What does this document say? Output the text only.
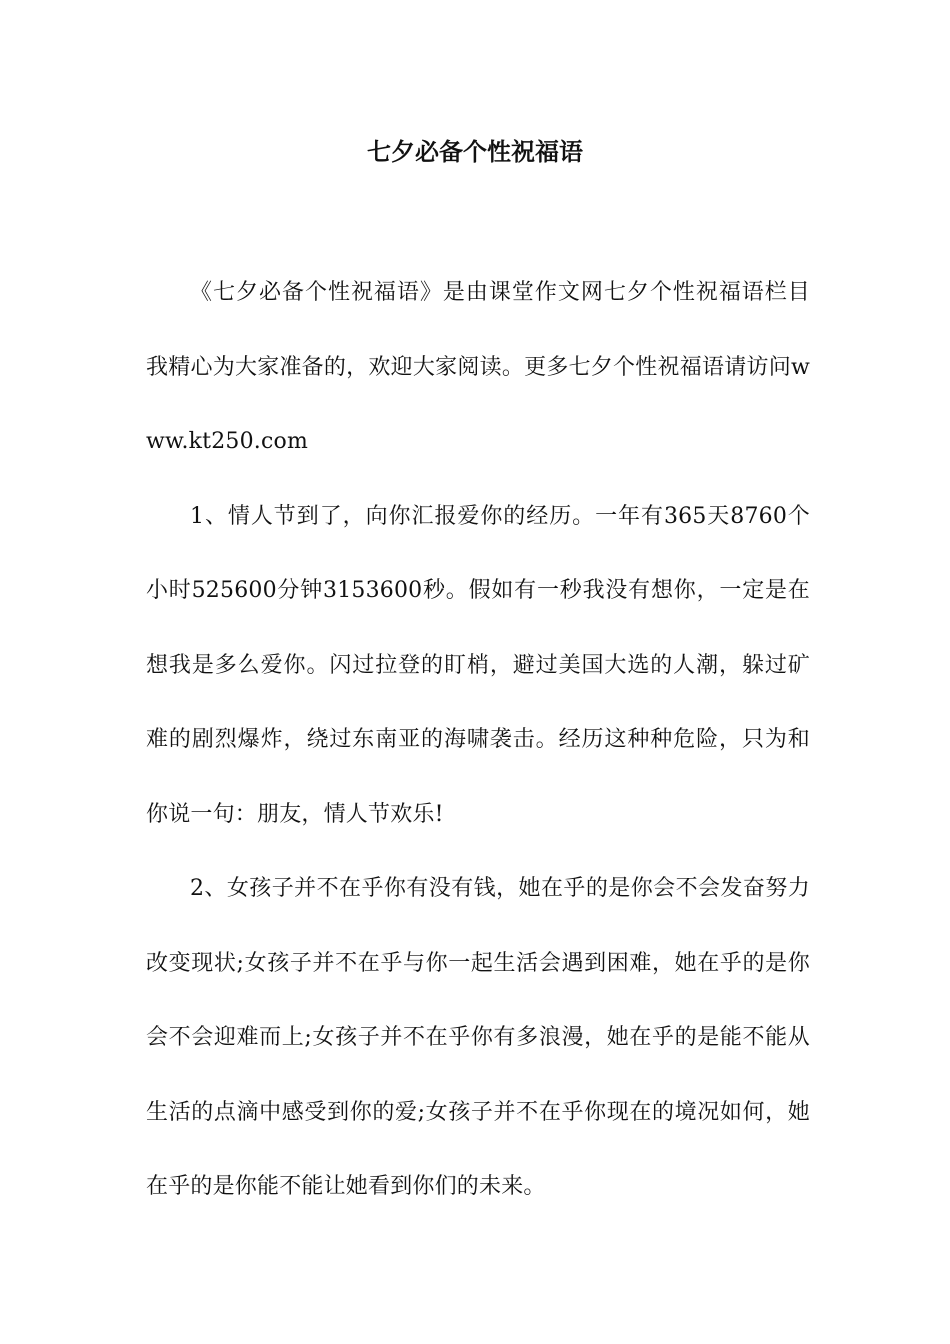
七夕必备个性祝福语

《七夕必备个性祝福语》是由课堂作文网七夕个性祝福语栏目我精心为大家准备的，欢迎大家阅读。更多七夕个性祝福语请访问www.kt250.com

1、情人节到了，向你汇报爱你的经历。一年有365天8760个小时525600分钟3153600秒。假如有一秒我没有想你，一定是在想我是多么爱你。闪过拉登的盯梢，避过美国大选的人潮，躲过矿难的剧烈爆炸，绕过东南亚的海啸袭击。经历这种种危险，只为和你说一句：朋友，情人节欢乐!

2、女孩子并不在乎你有没有钱，她在乎的是你会不会发奋努力改变现状;女孩子并不在乎与你一起生活会遇到困难，她在乎的是你会不会迎难而上;女孩子并不在乎你有多浪漫，她在乎的是能不能从生活的点滴中感受到你的爱;女孩子并不在乎你现在的境况如何，她在乎的是你能不能让她看到你们的未来。
